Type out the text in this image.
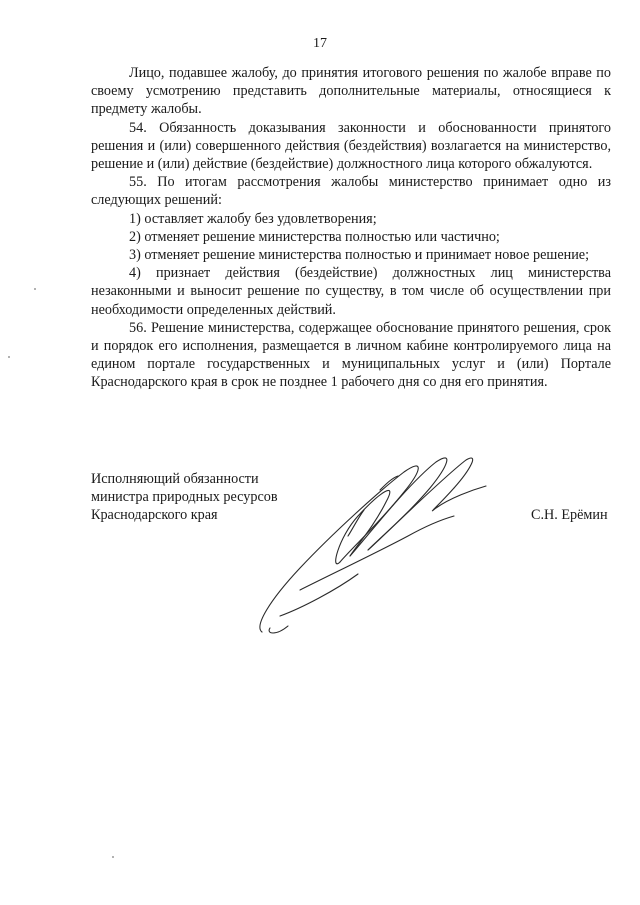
17

Лицо, подавшее жалобу, до принятия итогового решения по жалобе вправе по своему усмотрению представить дополнительные материалы, относящиеся к предмету жалобы.

54. Обязанность доказывания законности и обоснованности принятого решения и (или) совершенного действия (бездействия) возлагается на министерство, решение и (или) действие (бездействие) должностного лица которого обжалуются.

55. По итогам рассмотрения жалобы министерство принимает одно из следующих решений:

1) оставляет жалобу без удовлетворения;

2) отменяет решение министерства полностью или частично;

3) отменяет решение министерства полностью и принимает новое решение;

4) признает действия (бездействие) должностных лиц министерства незаконными и выносит решение по существу, в том числе об осуществлении при необходимости определенных действий.

56. Решение министерства, содержащее обоснование принятого решения, срок и порядок его исполнения, размещается в личном кабине контролируемого лица на едином портале государственных и муниципальных услуг и (или) Портале Краснодарского края в срок не позднее 1 рабочего дня со дня его принятия.

Исполняющий обязанности
министра природных ресурсов
Краснодарского края	С.Н. Ерёмин
